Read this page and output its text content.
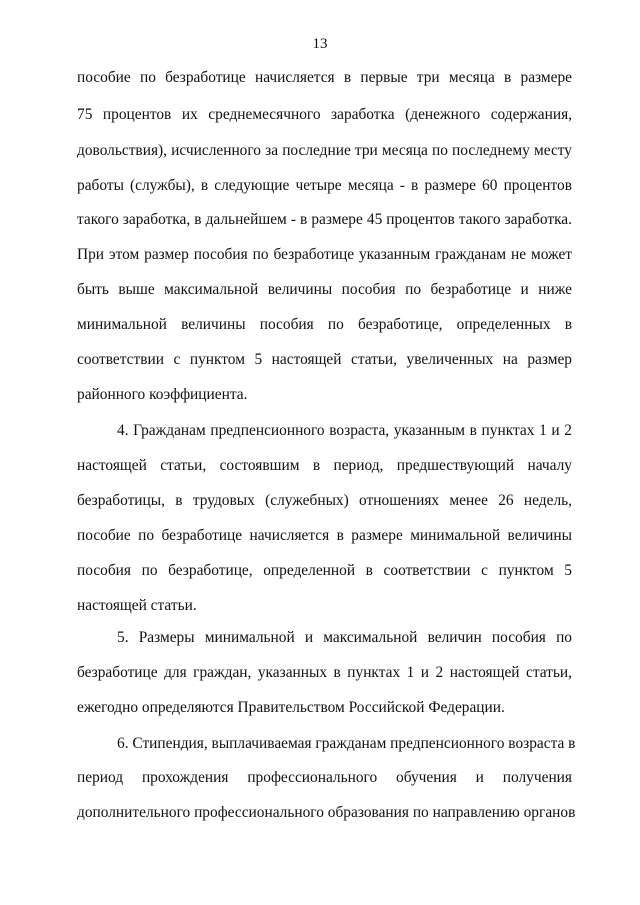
13
пособие по безработице начисляется в первые три месяца в размере
75 процентов их среднемесячного заработка (денежного содержания,
довольствия), исчисленного за последние три месяца по последнему месту
работы (службы), в следующие четыре месяца - в размере 60 процентов
такого заработка, в дальнейшем - в размере 45 процентов такого заработка.
При этом размер пособия по безработице указанным гражданам не может
быть выше максимальной величины пособия по безработице и ниже
минимальной величины пособия по безработице, определенных в
соответствии с пунктом 5 настоящей статьи, увеличенных на размер
районного коэффициента.
4. Гражданам предпенсионного возраста, указанным в пунктах 1 и 2
настоящей статьи, состоявшим в период, предшествующий началу
безработицы, в трудовых (служебных) отношениях менее 26 недель,
пособие по безработице начисляется в размере минимальной величины
пособия по безработице, определенной в соответствии с пунктом 5
настоящей статьи.
5. Размеры минимальной и максимальной величин пособия по
безработице для граждан, указанных в пунктах 1 и 2 настоящей статьи,
ежегодно определяются Правительством Российской Федерации.
6. Стипендия, выплачиваемая гражданам предпенсионного возраста в
период прохождения профессионального обучения и получения
дополнительного профессионального образования по направлению органов
